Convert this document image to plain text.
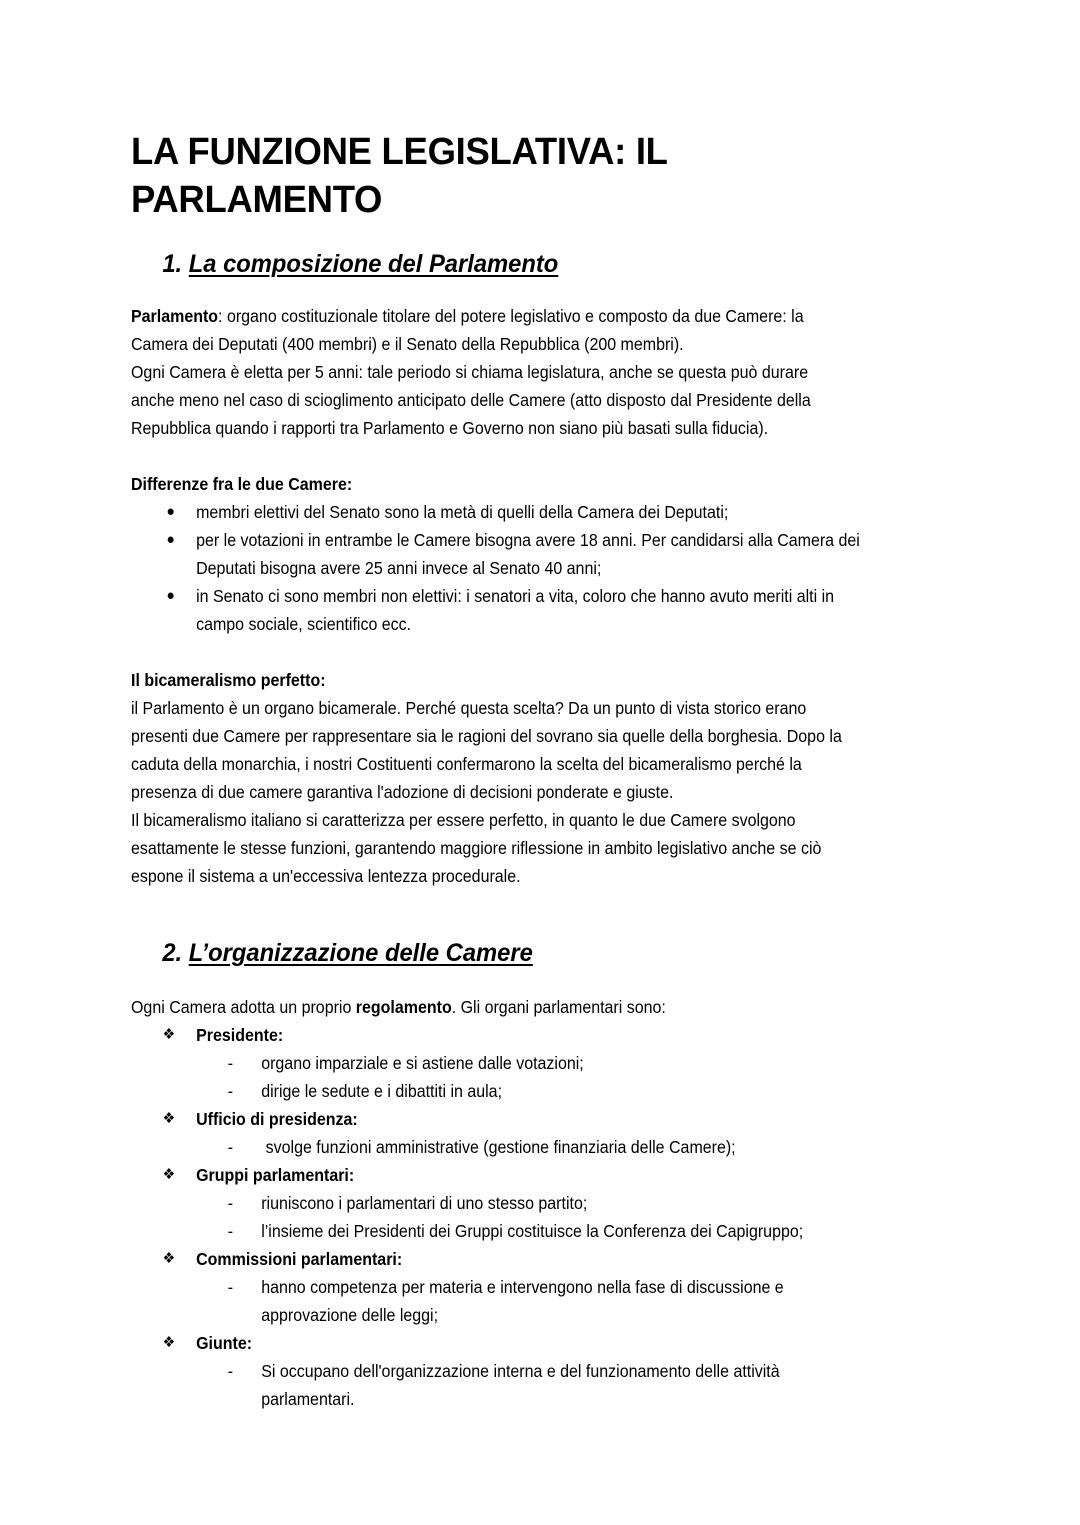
LA FUNZIONE LEGISLATIVA: IL PARLAMENTO
1. La composizione del Parlamento

Parlamento: organo costituzionale titolare del potere legislativo e composto da due Camere: la

Camera dei Deputati (400 membri) e il Senato della Repubblica (200 membri).

Ogni Camera è eletta per 5 anni: tale periodo si chiama legislatura, anche se questa può durare

anche meno nel caso di scioglimento anticipato delle Camere (atto disposto dal Presidente della

Repubblica quando i rapporti tra Parlamento e Governo non siano più basati sulla fiducia).

Differenze fra le due Camere:

● membri elettivi del Senato sono la metà di quelli della Camera dei Deputati;
● per le votazioni in entrambe le Camere bisogna avere 18 anni. Per candidarsi alla Camera dei
Deputati bisogna avere 25 anni invece al Senato 40 anni;
● in Senato ci sono membri non elettivi: i senatori a vita, coloro che hanno avuto meriti alti in
campo sociale, scientifico ecc.

Il bicameralismo perfetto:

il Parlamento è un organo bicamerale. Perché questa scelta? Da un punto di vista storico erano

presenti due Camere per rappresentare sia le ragioni del sovrano sia quelle della borghesia. Dopo la

caduta della monarchia, i nostri Costituenti confermarono la scelta del bicameralismo perché la

presenza di due camere garantiva l'adozione di decisioni ponderate e giuste.

Il bicameralismo italiano si caratterizza per essere perfetto, in quanto le due Camere svolgono

esattamente le stesse funzioni, garantendo maggiore riflessione in ambito legislativo anche se ciò

espone il sistema a un'eccessiva lentezza procedurale.

2. L’organizzazione delle Camere

Ogni Camera adotta un proprio regolamento. Gli organi parlamentari sono:

❖ Presidente:
- organo imparziale e si astiene dalle votazioni;
- dirige le sedute e i dibattiti in aula;
❖ Ufficio di presidenza:
- svolge funzioni amministrative (gestione finanziaria delle Camere);
❖ Gruppi parlamentari:
- riuniscono i parlamentari di uno stesso partito;
- l’insieme dei Presidenti dei Gruppi costituisce la Conferenza dei Capigruppo;
❖ Commissioni parlamentari:
- hanno competenza per materia e intervengono nella fase di discussione e
approvazione delle leggi;
❖ Giunte:
- Si occupano dell'organizzazione interna e del funzionamento delle attività
parlamentari.
